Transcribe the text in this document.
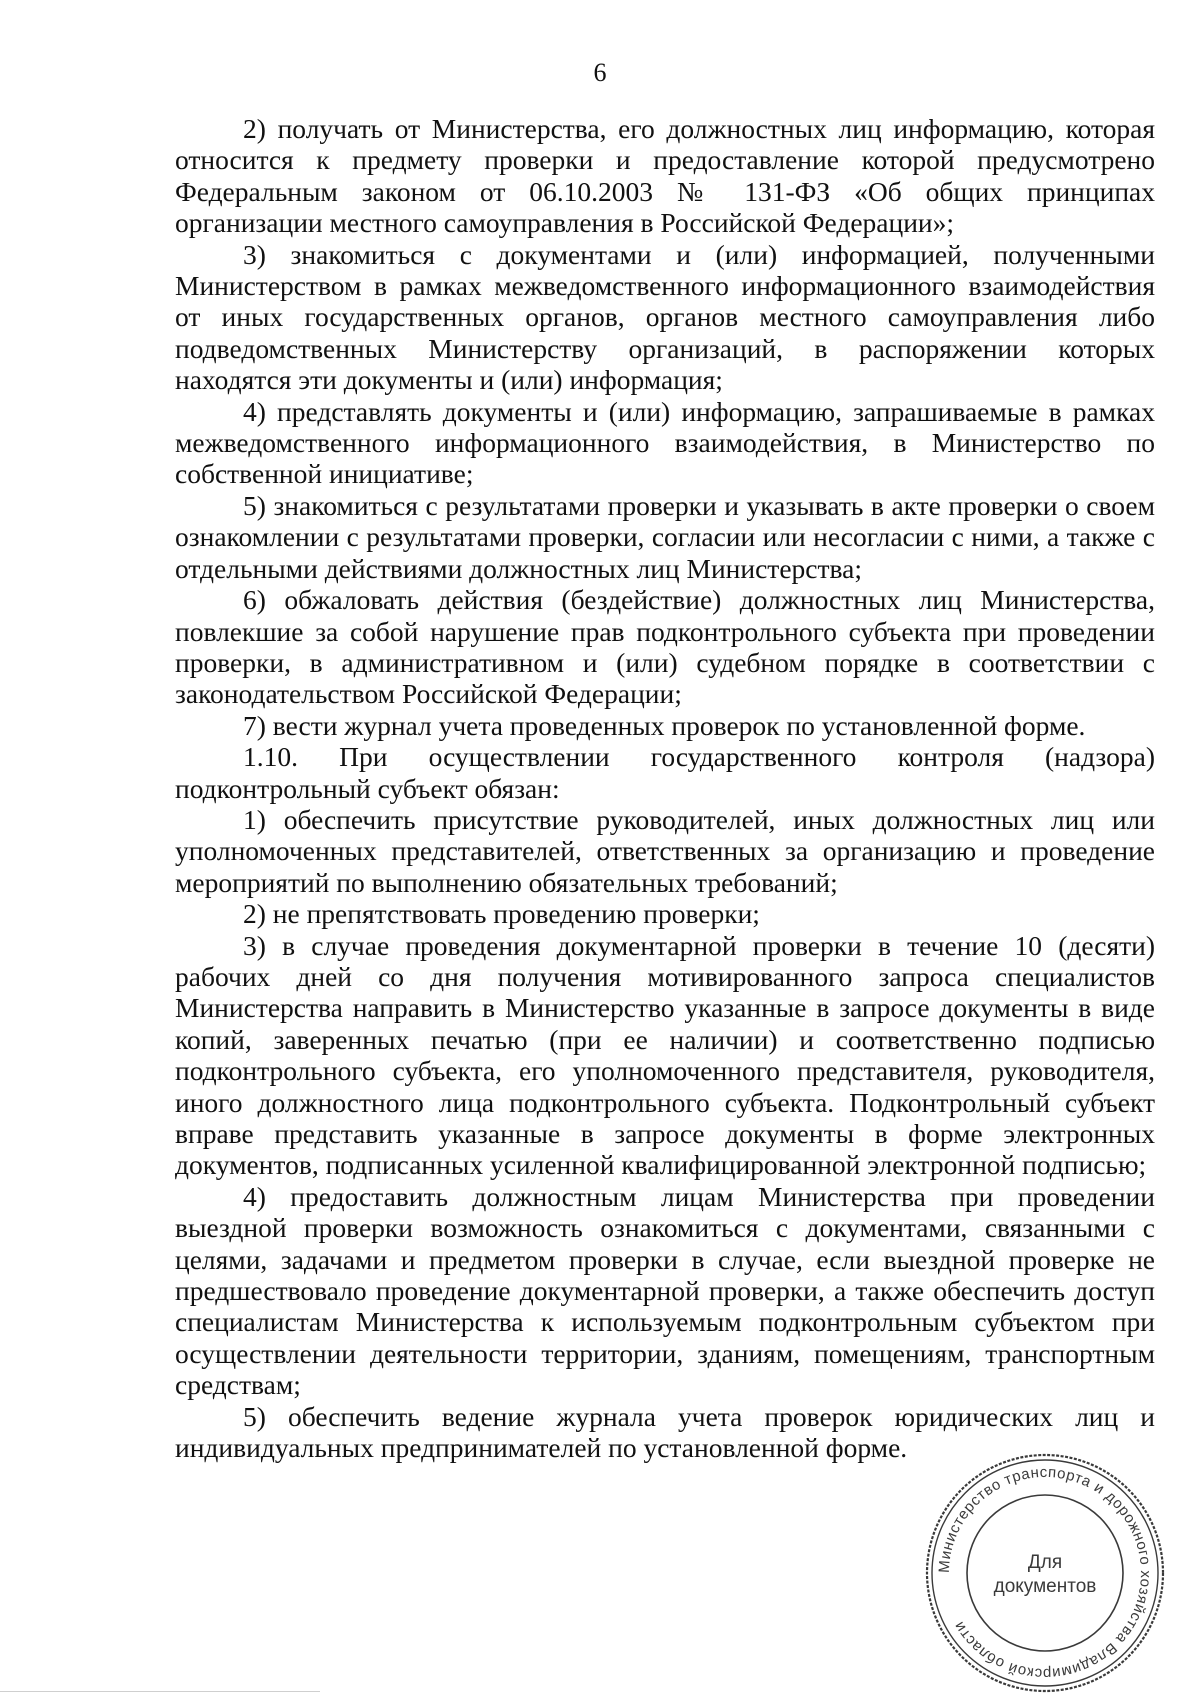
6

2) получать от Министерства, его должностных лиц информацию, которая относится к предмету проверки и предоставление которой предусмотрено Федеральным законом от 06.10.2003 № 131-ФЗ «Об общих принципах организации местного самоуправления в Российской Федерации»;

3) знакомиться с документами и (или) информацией, полученными Министерством в рамках межведомственного информационного взаимодействия от иных государственных органов, органов местного самоуправления либо подведомственных Министерству организаций, в распоряжении которых находятся эти документы и (или) информация;

4) представлять документы и (или) информацию, запрашиваемые в рамках межведомственного информационного взаимодействия, в Министерство по собственной инициативе;

5) знакомиться с результатами проверки и указывать в акте проверки о своем ознакомлении с результатами проверки, согласии или несогласии с ними, а также с отдельными действиями должностных лиц Министерства;

6) обжаловать действия (бездействие) должностных лиц Министерства, повлекшие за собой нарушение прав подконтрольного субъекта при проведении проверки, в административном и (или) судебном порядке в соответствии с законодательством Российской Федерации;

7) вести журнал учета проведенных проверок по установленной форме.

1.10. При осуществлении государственного контроля (надзора) подконтрольный субъект обязан:

1) обеспечить присутствие руководителей, иных должностных лиц или уполномоченных представителей, ответственных за организацию и проведение мероприятий по выполнению обязательных требований;

2) не препятствовать проведению проверки;

3) в случае проведения документарной проверки в течение 10 (десяти) рабочих дней со дня получения мотивированного запроса специалистов Министерства направить в Министерство указанные в запросе документы в виде копий, заверенных печатью (при ее наличии) и соответственно подписью подконтрольного субъекта, его уполномоченного представителя, руководителя, иного должностного лица подконтрольного субъекта. Подконтрольный субъект вправе представить указанные в запросе документы в форме электронных документов, подписанных усиленной квалифицированной электронной подписью;

4) предоставить должностным лицам Министерства при проведении выездной проверки возможность ознакомиться с документами, связанными с целями, задачами и предметом проверки в случае, если выездной проверке не предшествовало проведение документарной проверки, а также обеспечить доступ специалистам Министерства к используемым подконтрольным субъектом при осуществлении деятельности территории, зданиям, помещениям, транспортным средствам;

5) обеспечить ведение журнала учета проверок юридических лиц и индивидуальных предпринимателей по установленной форме.

Министерство транспорта и дорожного хозяйства Владимирской области
Для
документов
